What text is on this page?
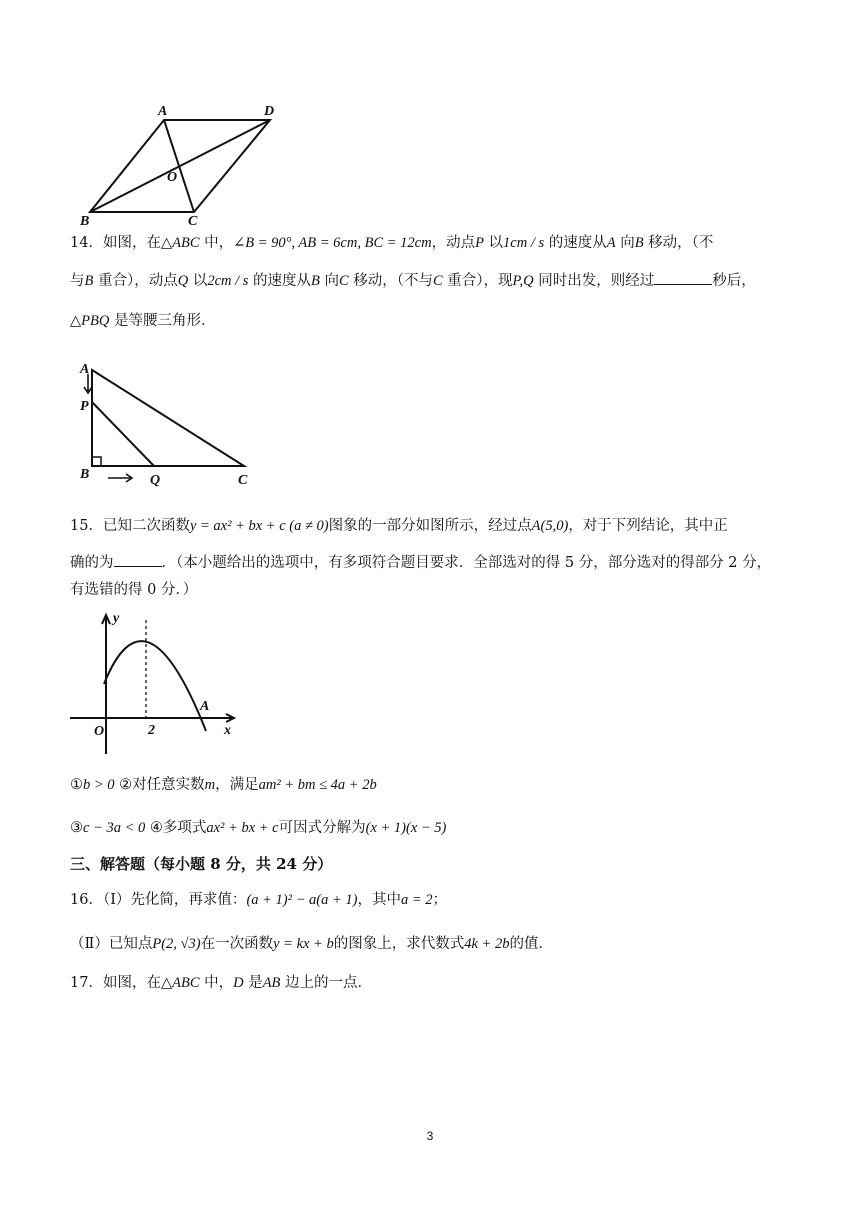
A	D
O
B	C
14．如图，在△ABC 中，∠B = 90°, AB = 6cm, BC = 12cm，动点P 以1cm / s 的速度从A 向B 移动，（不
与B 重合），动点Q 以2cm / s 的速度从B 向C 移动，（不与C 重合），现P,Q 同时出发，则经过	秒后，
△PBQ 是等腰三角形．
A
P
B	Q	C
15．已知二次函数y = ax² + bx + c (a ≠ 0)图象的一部分如图所示，经过点A(5,0)，对于下列结论，其中正
确的为	．（本小题给出的选项中，有多项符合题目要求．全部选对的得 5 分，部分选对的得部分 2 分，
有选错的得 0 分．）
y
O	2
A
x
①b > 0 ②对任意实数m，满足am² + bm ≤ 4a + 2b
③c − 3a < 0 ④多项式ax² + bx + c可因式分解为(x + 1)(x − 5)
三、解答题（每小题 8 分，共 24 分）
16．（Ⅰ）先化简，再求值：(a + 1)² − a(a + 1)，其中a = 2；
（Ⅱ）已知点P(2, √3)在一次函数y = kx + b的图象上，求代数式4k + 2b的值．
17．如图，在△ABC 中，D 是AB 边上的一点．
3
